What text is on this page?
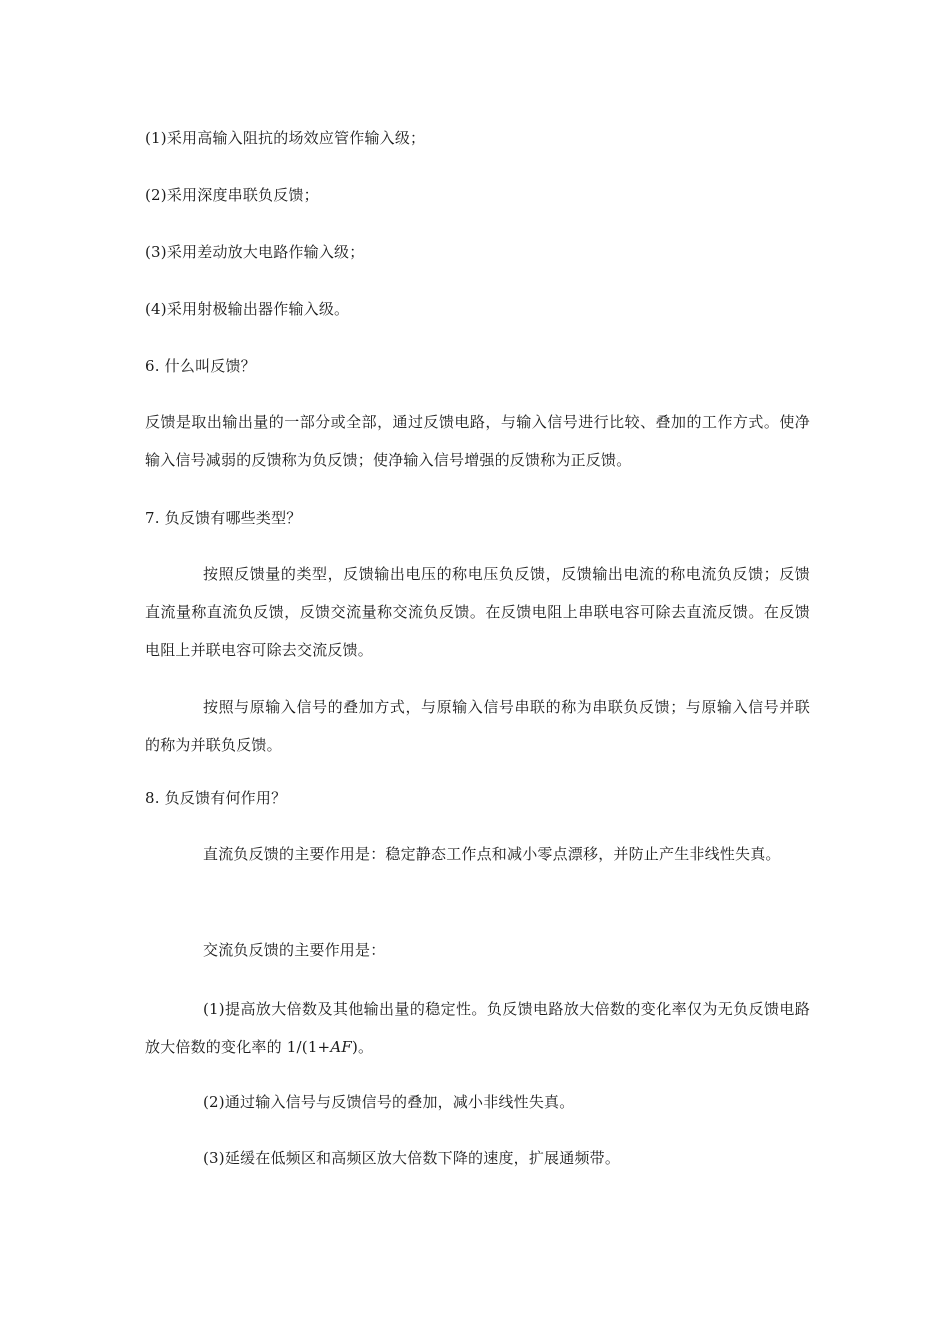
(1)采用高输入阻抗的场效应管作输入级；
(2)采用深度串联负反馈；
(3)采用差动放大电路作输入级；
(4)采用射极输出器作输入级。
6. 什么叫反馈？
反馈是取出输出量的一部分或全部，通过反馈电路，与输入信号进行比较、叠加的工作方式。使净输入信号减弱的反馈称为负反馈；使净输入信号增强的反馈称为正反馈。
7. 负反馈有哪些类型？
按照反馈量的类型，反馈输出电压的称电压负反馈，反馈输出电流的称电流负反馈；反馈直流量称直流负反馈，反馈交流量称交流负反馈。在反馈电阻上串联电容可除去直流反馈。在反馈电阻上并联电容可除去交流反馈。
按照与原输入信号的叠加方式，与原输入信号串联的称为串联负反馈；与原输入信号并联的称为并联负反馈。
8. 负反馈有何作用？
直流负反馈的主要作用是：稳定静态工作点和减小零点漂移，并防止产生非线性失真。
交流负反馈的主要作用是：
(1)提高放大倍数及其他输出量的稳定性。负反馈电路放大倍数的变化率仅为无负反馈电路放大倍数的变化率的 1/(1+AF)。
(2)通过输入信号与反馈信号的叠加，减小非线性失真。
(3)延缓在低频区和高频区放大倍数下降的速度，扩展通频带。
